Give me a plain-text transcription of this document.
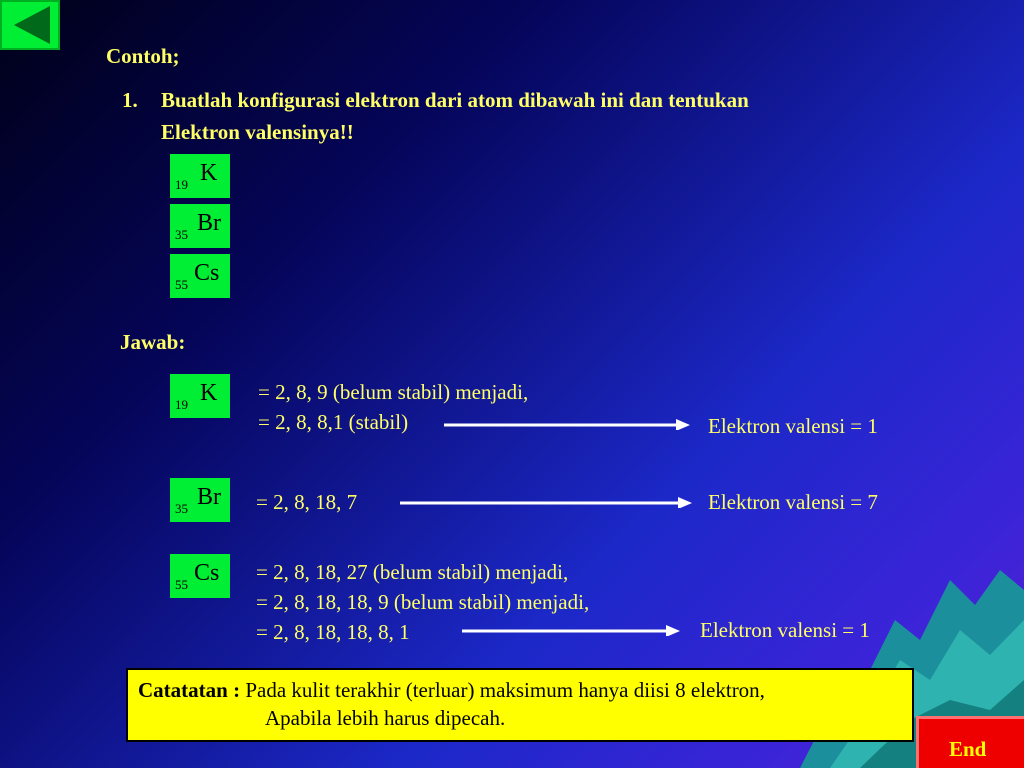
Contoh;
1. Buatlah konfigurasi elektron dari atom dibawah ini dan tentukan
Elektron valensinya!!
19 K
35 Br
55 Cs
Jawab:
19 K = 2, 8, 9 (belum stabil) menjadi,
= 2, 8, 8,1 (stabil)	Elektron valensi = 1
35 Br = 2, 8, 18, 7	Elektron valensi = 7
55 Cs = 2, 8, 18, 27 (belum stabil) menjadi,
= 2, 8, 18, 18, 9 (belum stabil) menjadi,
= 2, 8, 18, 18, 8, 1	Elektron valensi = 1
Catatatan : Pada kulit terakhir (terluar) maksimum hanya diisi 8 elektron,
Apabila lebih harus dipecah.
End
